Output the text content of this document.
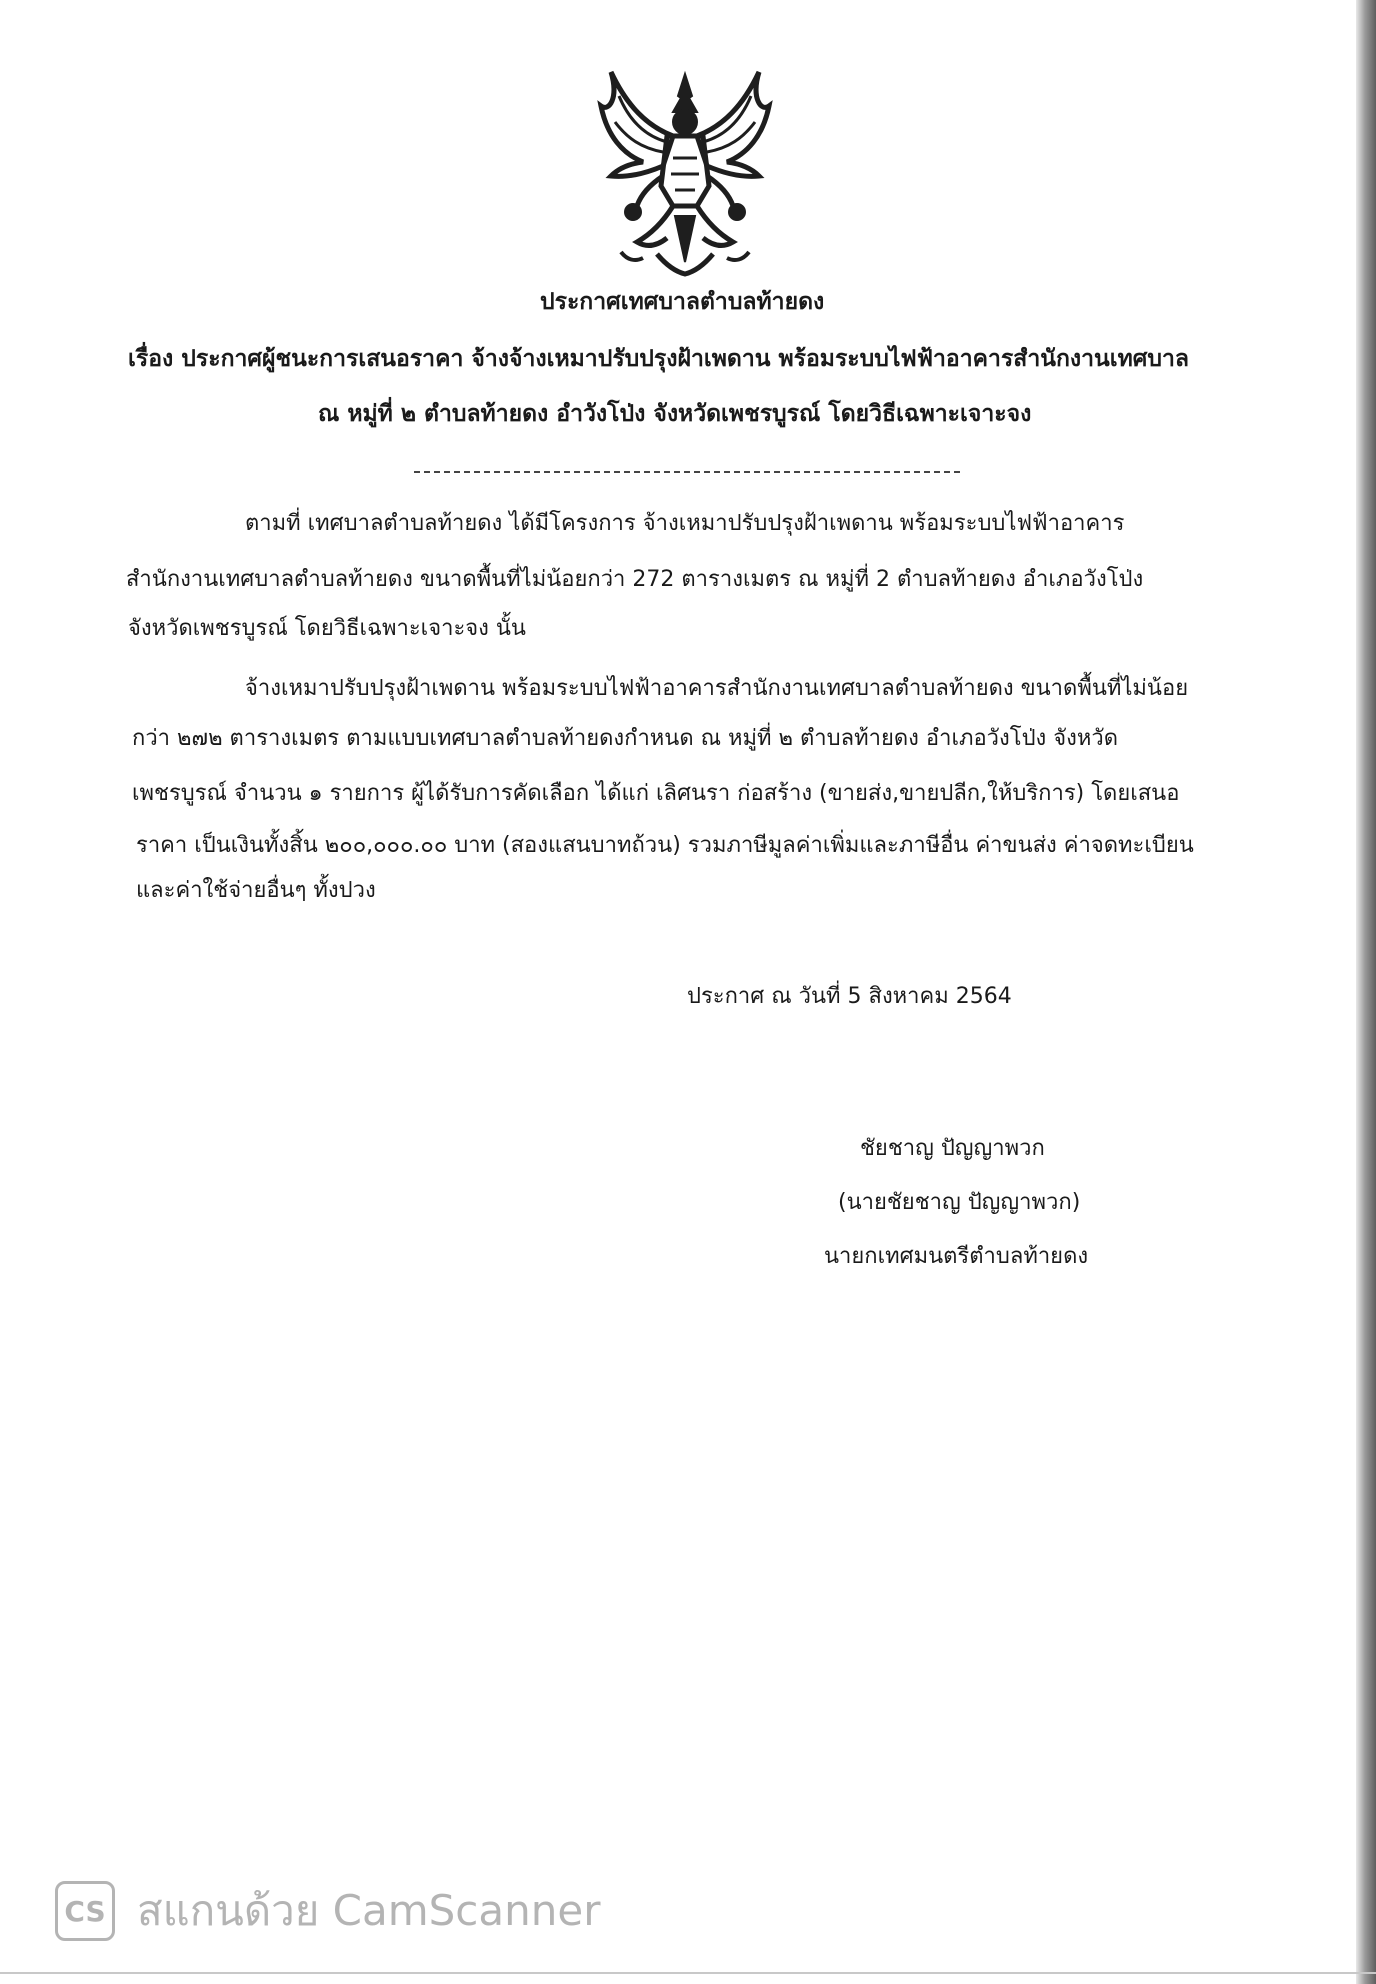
ประกาศเทศบาลตำบลท้ายดง
เรื่อง ประกาศผู้ชนะการเสนอราคา จ้างจ้างเหมาปรับปรุงฝ้าเพดาน พร้อมระบบไฟฟ้าอาคารสำนักงานเทศบาล
ณ หมู่ที่ ๒ ตำบลท้ายดง อำวังโป่ง จังหวัดเพชรบูรณ์ โดยวิธีเฉพาะเจาะจง
ตามที่ เทศบาลตำบลท้ายดง ได้มีโครงการ จ้างเหมาปรับปรุงฝ้าเพดาน พร้อมระบบไฟฟ้าอาคาร
สำนักงานเทศบาลตำบลท้ายดง ขนาดพื้นที่ไม่น้อยกว่า 272 ตารางเมตร ณ หมู่ที่ 2 ตำบลท้ายดง อำเภอวังโป่ง
จังหวัดเพชรบูรณ์ โดยวิธีเฉพาะเจาะจง นั้น
จ้างเหมาปรับปรุงฝ้าเพดาน พร้อมระบบไฟฟ้าอาคารสำนักงานเทศบาลตำบลท้ายดง ขนาดพื้นที่ไม่น้อย
กว่า ๒๗๒ ตารางเมตร ตามแบบเทศบาลตำบลท้ายดงกำหนด ณ หมู่ที่ ๒ ตำบลท้ายดง อำเภอวังโป่ง จังหวัด
เพชรบูรณ์ จำนวน ๑ รายการ ผู้ได้รับการคัดเลือก ได้แก่ เลิศนรา ก่อสร้าง (ขายส่ง,ขายปลีก,ให้บริการ) โดยเสนอ
ราคา เป็นเงินทั้งสิ้น ๒๐๐,๐๐๐.๐๐ บาท (สองแสนบาทถ้วน) รวมภาษีมูลค่าเพิ่มและภาษีอื่น ค่าขนส่ง ค่าจดทะเบียน
และค่าใช้จ่ายอื่นๆ ทั้งปวง
ประกาศ ณ วันที่ 5 สิงหาคม 2564
ชัยชาญ ปัญญาพวก
(นายชัยชาญ ปัญญาพวก)
นายกเทศมนตรีตำบลท้ายดง
CS สแกนด้วย CamScanner
